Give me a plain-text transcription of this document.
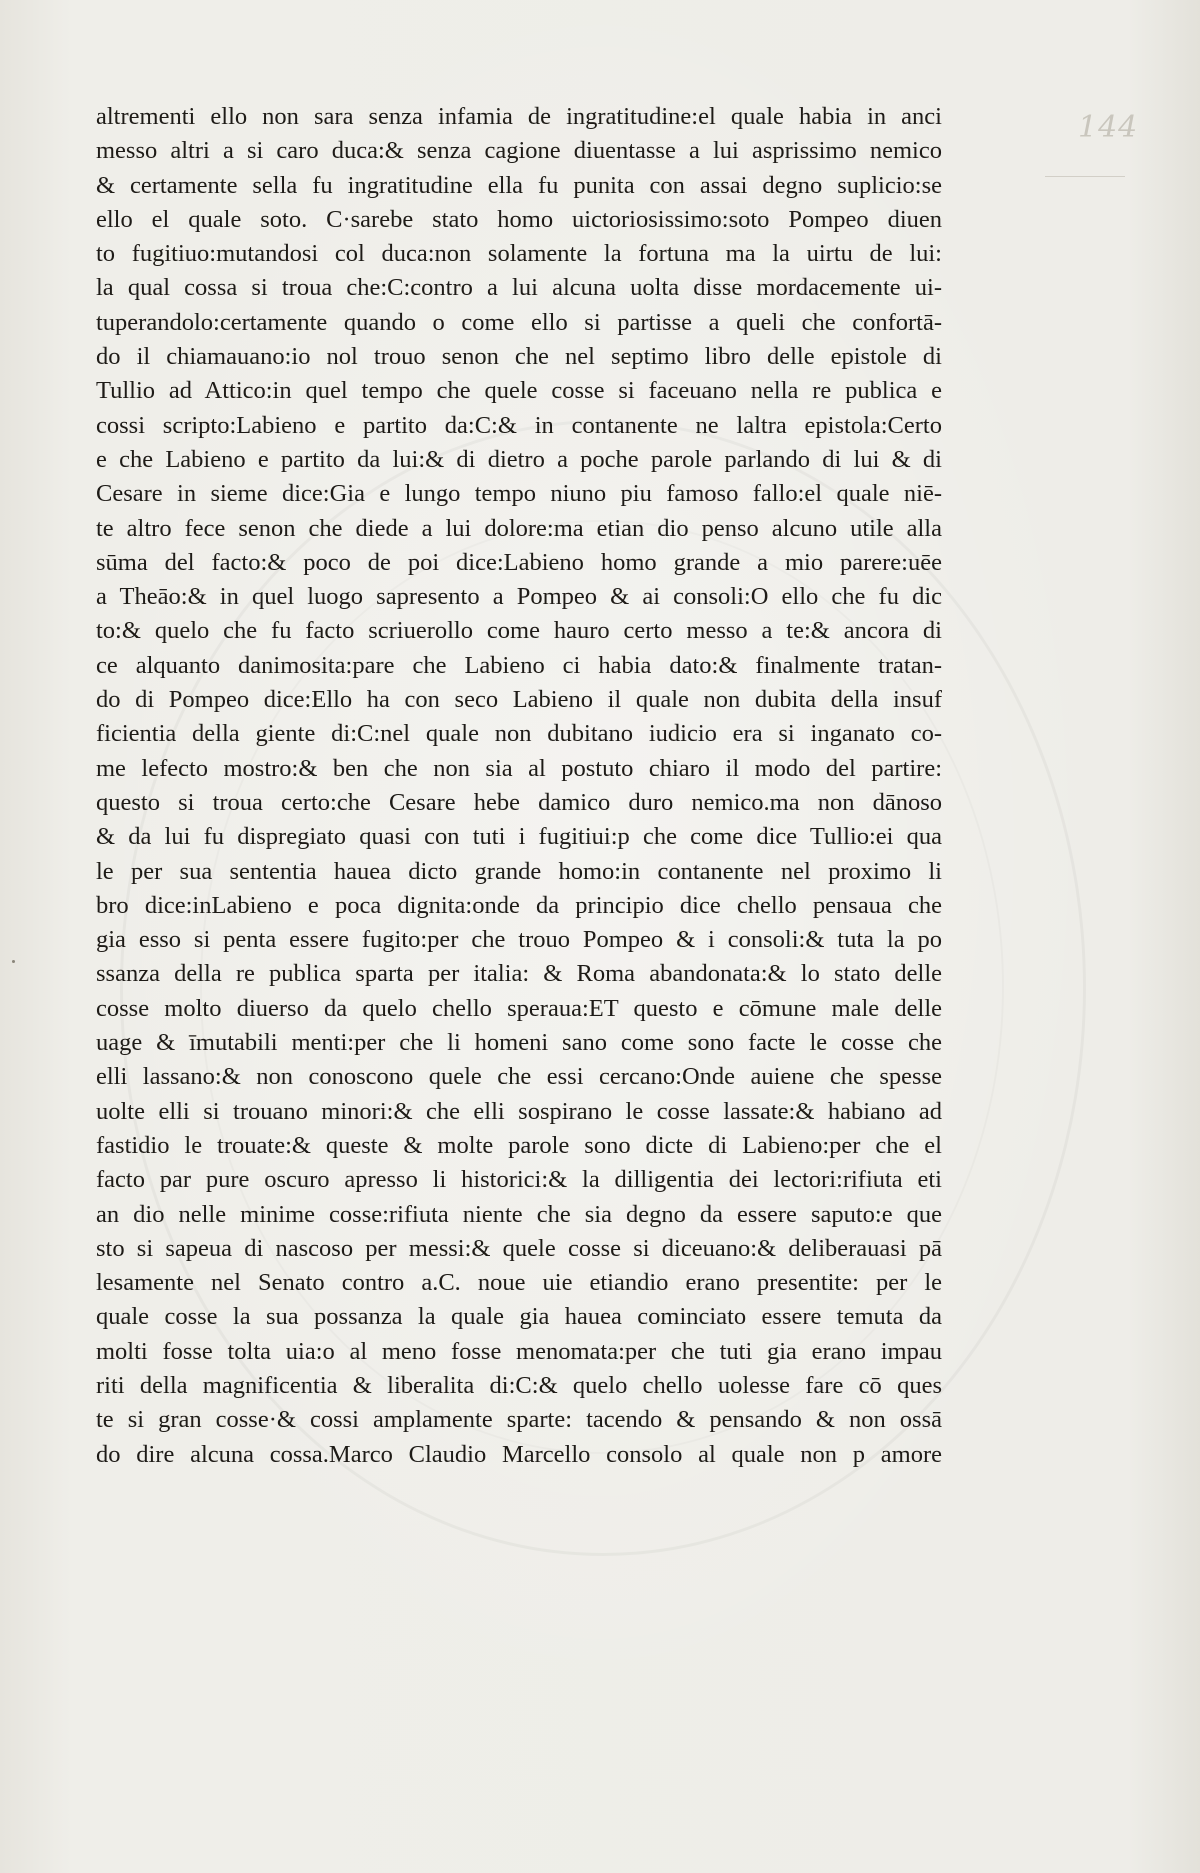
144
altrementi ello non sara senza infamia de ingratitudine:el quale habia in anci
messo altri a si caro duca:& senza cagione diuentasse a lui asprissimo nemico
& certamente sella fu ingratitudine ella fu punita con assai degno suplicio:se
ello el quale soto. C·sarebe stato homo uictoriosissimo:soto Pompeo diuen
to fugitiuo:mutandosi col duca:non solamente la fortuna ma la uirtu de lui:
la qual cossa si troua che:C:contro a lui alcuna uolta disse mordacemente ui-
tuperandolo:certamente quando o come ello si partisse a queli che confortā-
do il chiamauano:io nol trouo senon che nel septimo libro delle epistole di
Tullio ad Attico:in quel tempo che quele cosse si faceuano nella re publica e
cossi scripto:Labieno e partito da:C:& in contanente ne laltra epistola:Certo
e che Labieno e partito da lui:& di dietro a poche parole parlando di lui & di
Cesare in sieme dice:Gia e lungo tempo niuno piu famoso fallo:el quale niē-
te altro fece senon che diede a lui dolore:ma etian dio penso alcuno utile alla
sūma del facto:& poco de poi dice:Labieno homo grande a mio parere:uēe
a Theāo:& in quel luogo sapresento a Pompeo & ai consoli:O ello che fu dic
to:& quelo che fu facto scriuerollo come hauro certo messo a te:& ancora di
ce alquanto danimosita:pare che Labieno ci habia dato:& finalmente tratan-
do di Pompeo dice:Ello ha con seco Labieno il quale non dubita della insuf
ficientia della giente di:C:nel quale non dubitano iudicio era si inganato co-
me lefecto mostro:& ben che non sia al postuto chiaro il modo del partire:
questo si troua certo:che Cesare hebe damico duro nemico.ma non dānoso
& da lui fu dispregiato quasi con tuti i fugitiui:p che come dice Tullio:ei qua
le per sua sententia hauea dicto grande homo:in contanente nel proximo li
bro dice:inLabieno e poca dignita:onde da principio dice chello pensaua che
gia esso si penta essere fugito:per che trouo Pompeo & i consoli:& tuta la po
ssanza della re publica sparta per italia: & Roma abandonata:& lo stato delle
cosse molto diuerso da quelo chello speraua:ET questo e cōmune male delle
uage & īmutabili menti:per che li homeni sano come sono facte le cosse che
elli lassano:& non conoscono quele che essi cercano:Onde auiene che spesse
uolte elli si trouano minori:& che elli sospirano le cosse lassate:& habiano ad
fastidio le trouate:& queste & molte parole sono dicte di Labieno:per che el
facto par pure oscuro apresso li historici:& la dilligentia dei lectori:rifiuta eti
an dio nelle minime cosse:rifiuta niente che sia degno da essere saputo:e que
sto si sapeua di nascoso per messi:& quele cosse si diceuano:& deliberauasi pā
lesamente nel Senato contro a.C. noue uie etiandio erano presentite: per le
quale cosse la sua possanza la quale gia hauea cominciato essere temuta da
molti fosse tolta uia:o al meno fosse menomata:per che tuti gia erano impau
riti della magnificentia & liberalita di:C:& quelo chello uolesse fare cō ques
te si gran cosse·& cossi amplamente sparte: tacendo & pensando & non ossā
do dire alcuna cossa.Marco Claudio Marcello consolo al quale non p amore
